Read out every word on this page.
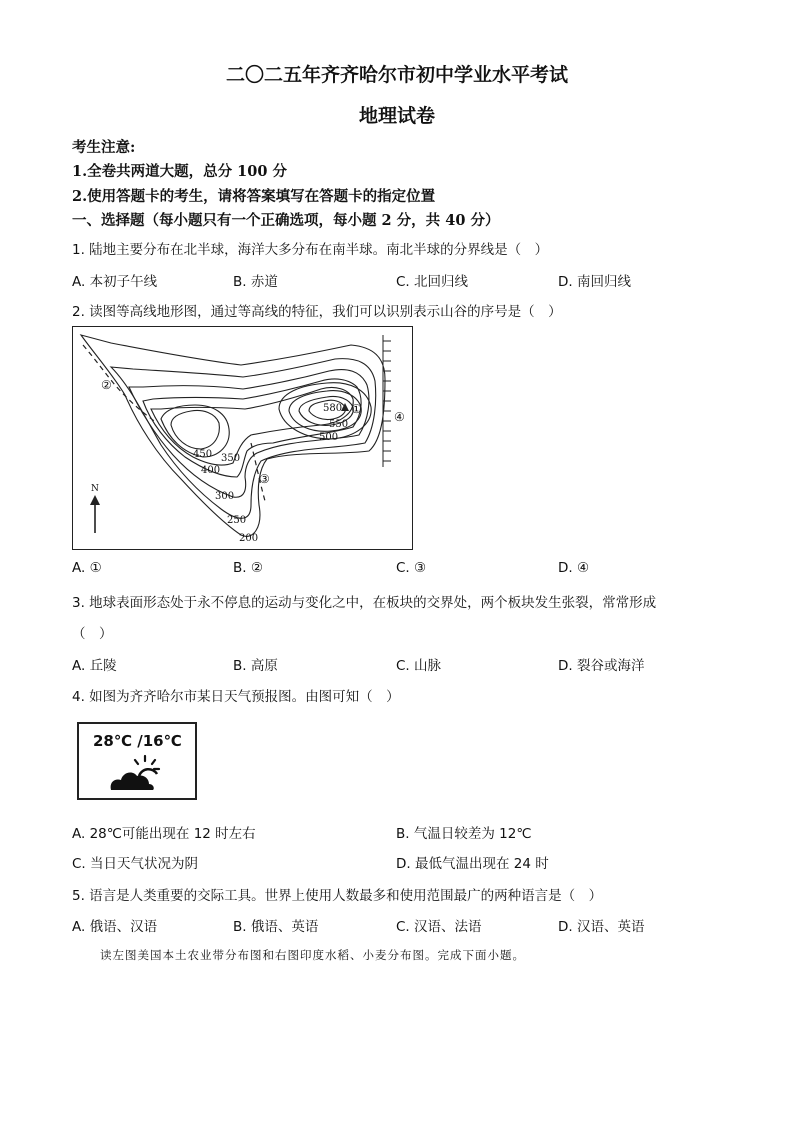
二〇二五年齐齐哈尔市初中学业水平考试
地理试卷
考生注意:
1.全卷共两道大题，总分 100 分
2.使用答题卡的考生，请将答案填写在答题卡的指定位置
一、选择题（每小题只有一个正确选项，每小题 2 分，共 40 分）
1. 陆地主要分布在北半球，海洋大多分布在南半球。南北半球的分界线是（　）
A. 本初子午线	B. 赤道	C. 北回归线	D. 南回归线
2. 读图等高线地形图，通过等高线的特征，我们可以识别表示山谷的序号是（　）
580
550
500
450
400
350
300
250
200
①
②
③
④
N
A. ①	B. ②	C. ③	D. ④
3. 地球表面形态处于永不停息的运动与变化之中，在板块的交界处，两个板块发生张裂，常常形成
（　）
A. 丘陵	B. 高原	C. 山脉	D. 裂谷或海洋
4. 如图为齐齐哈尔市某日天气预报图。由图可知（　）
28℃ /16℃
A. 28℃可能出现在 12 时左右	B. 气温日较差为 12℃
C. 当日天气状况为阴	D. 最低气温出现在 24 时
5. 语言是人类重要的交际工具。世界上使用人数最多和使用范围最广的两种语言是（　）
A. 俄语、汉语	B. 俄语、英语	C. 汉语、法语	D. 汉语、英语
读左图美国本土农业带分布图和右图印度水稻、小麦分布图。完成下面小题。
